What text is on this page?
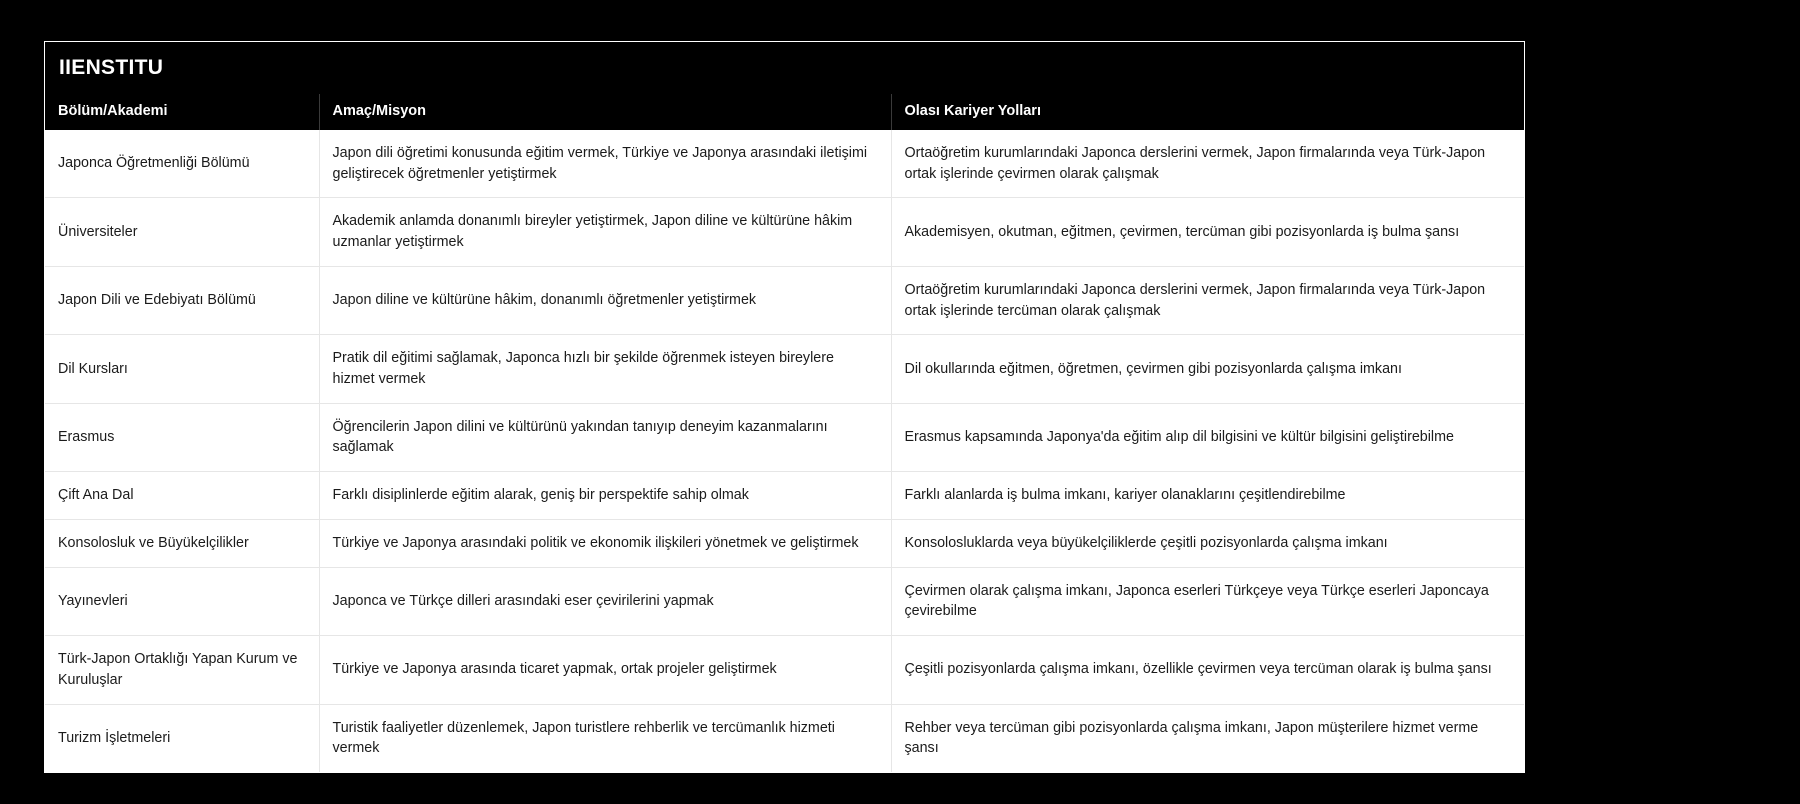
IIENSTITU
Bölüm/Akademi	Amaç/Misyon	Olası Kariyer Yolları
Japonca Öğretmenliği Bölümü	Japon dili öğretimi konusunda eğitim vermek, Türkiye ve Japonya arasındaki iletişimi geliştirecek öğretmenler yetiştirmek	Ortaöğretim kurumlarındaki Japonca derslerini vermek, Japon firmalarında veya Türk-Japon ortak işlerinde çevirmen olarak çalışmak
Üniversiteler	Akademik anlamda donanımlı bireyler yetiştirmek, Japon diline ve kültürüne hâkim uzmanlar yetiştirmek	Akademisyen, okutman, eğitmen, çevirmen, tercüman gibi pozisyonlarda iş bulma şansı
Japon Dili ve Edebiyatı Bölümü	Japon diline ve kültürüne hâkim, donanımlı öğretmenler yetiştirmek	Ortaöğretim kurumlarındaki Japonca derslerini vermek, Japon firmalarında veya Türk-Japon ortak işlerinde tercüman olarak çalışmak
Dil Kursları	Pratik dil eğitimi sağlamak, Japonca hızlı bir şekilde öğrenmek isteyen bireylere hizmet vermek	Dil okullarında eğitmen, öğretmen, çevirmen gibi pozisyonlarda çalışma imkanı
Erasmus	Öğrencilerin Japon dilini ve kültürünü yakından tanıyıp deneyim kazanmalarını sağlamak	Erasmus kapsamında Japonya'da eğitim alıp dil bilgisini ve kültür bilgisini geliştirebilme
Çift Ana Dal	Farklı disiplinlerde eğitim alarak, geniş bir perspektife sahip olmak	Farklı alanlarda iş bulma imkanı, kariyer olanaklarını çeşitlendirebilme
Konsolosluk ve Büyükelçilikler	Türkiye ve Japonya arasındaki politik ve ekonomik ilişkileri yönetmek ve geliştirmek	Konsolosluklarda veya büyükelçiliklerde çeşitli pozisyonlarda çalışma imkanı
Yayınevleri	Japonca ve Türkçe dilleri arasındaki eser çevirilerini yapmak	Çevirmen olarak çalışma imkanı, Japonca eserleri Türkçeye veya Türkçe eserleri Japoncaya çevirebilme
Türk-Japon Ortaklığı Yapan Kurum ve Kuruluşlar	Türkiye ve Japonya arasında ticaret yapmak, ortak projeler geliştirmek	Çeşitli pozisyonlarda çalışma imkanı, özellikle çevirmen veya tercüman olarak iş bulma şansı
Turizm İşletmeleri	Turistik faaliyetler düzenlemek, Japon turistlere rehberlik ve tercümanlık hizmeti vermek	Rehber veya tercüman gibi pozisyonlarda çalışma imkanı, Japon müşterilere hizmet verme şansı
